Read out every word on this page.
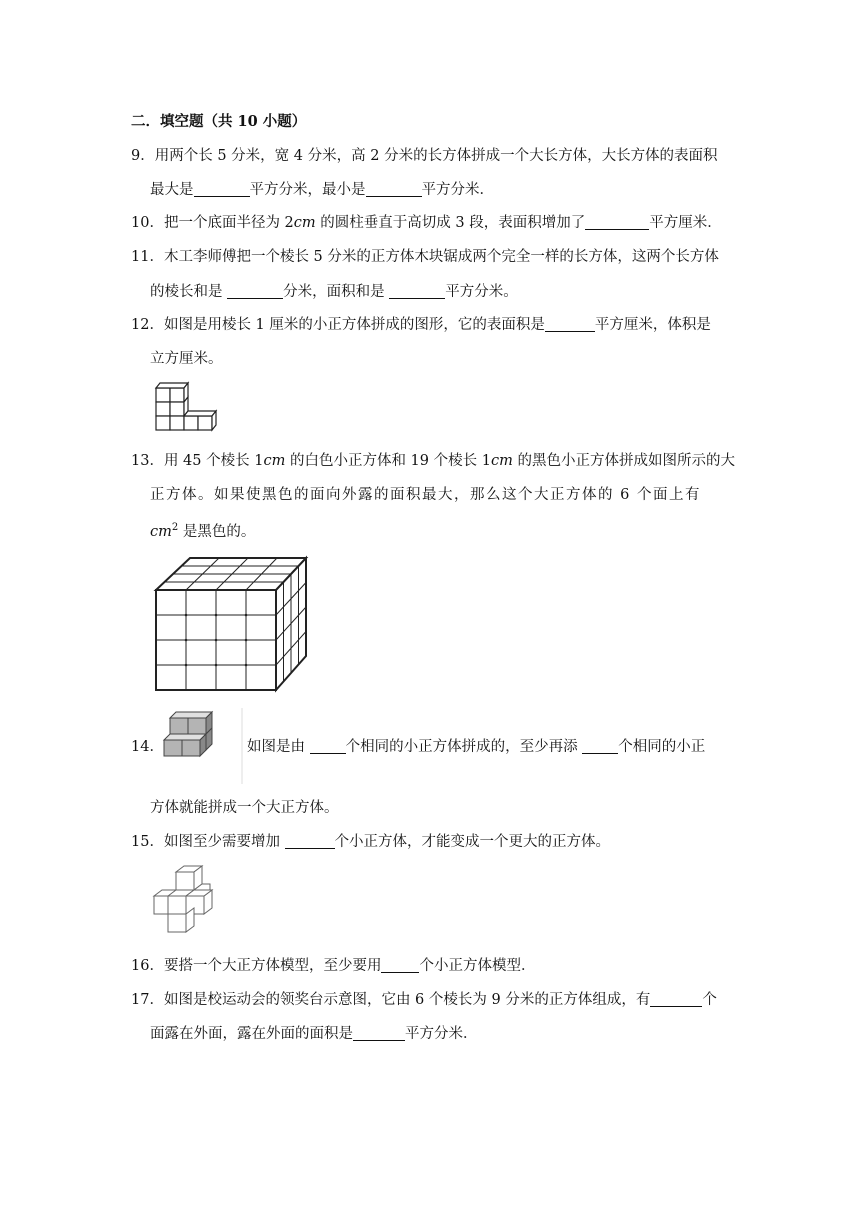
二．填空题（共 10 小题）
9．用两个长 5 分米，宽 4 分米，高 2 分米的长方体拼成一个大长方体，大长方体的表面积
最大是	平方分米，最小是	平方分米．
10．把一个底面半径为 2cm 的圆柱垂直于高切成 3 段，表面积增加了	平方厘米．
11．木工李师傅把一个棱长 5 分米的正方体木块锯成两个完全一样的长方体，这两个长方体
的棱长和是	分米，面积和是	平方分米。
12．如图是用棱长 1 厘米的小正方体拼成的图形，它的表面积是	平方厘米，体积是
立方厘米。
13．用 45 个棱长 1cm 的白色小正方体和 19 个棱长 1cm 的黑色小正方体拼成如图所示的大
正方体。如果使黑色的面向外露的面积最大，那么这个大正方体的 6 个面上有
$cm^2$ 是黑色的。
14．	如图是由 个相同的小正方体拼成的，至少再添 个相同的小正
方体就能拼成一个大正方体。
15．如图至少需要增加	个小正方体，才能变成一个更大的正方体。
16．要搭一个大正方体模型，至少要用	个小正方体模型．
17．如图是校运动会的领奖台示意图，它由 6 个棱长为 9 分米的正方体组成，有	个
面露在外面，露在外面的面积是	平方分米．
